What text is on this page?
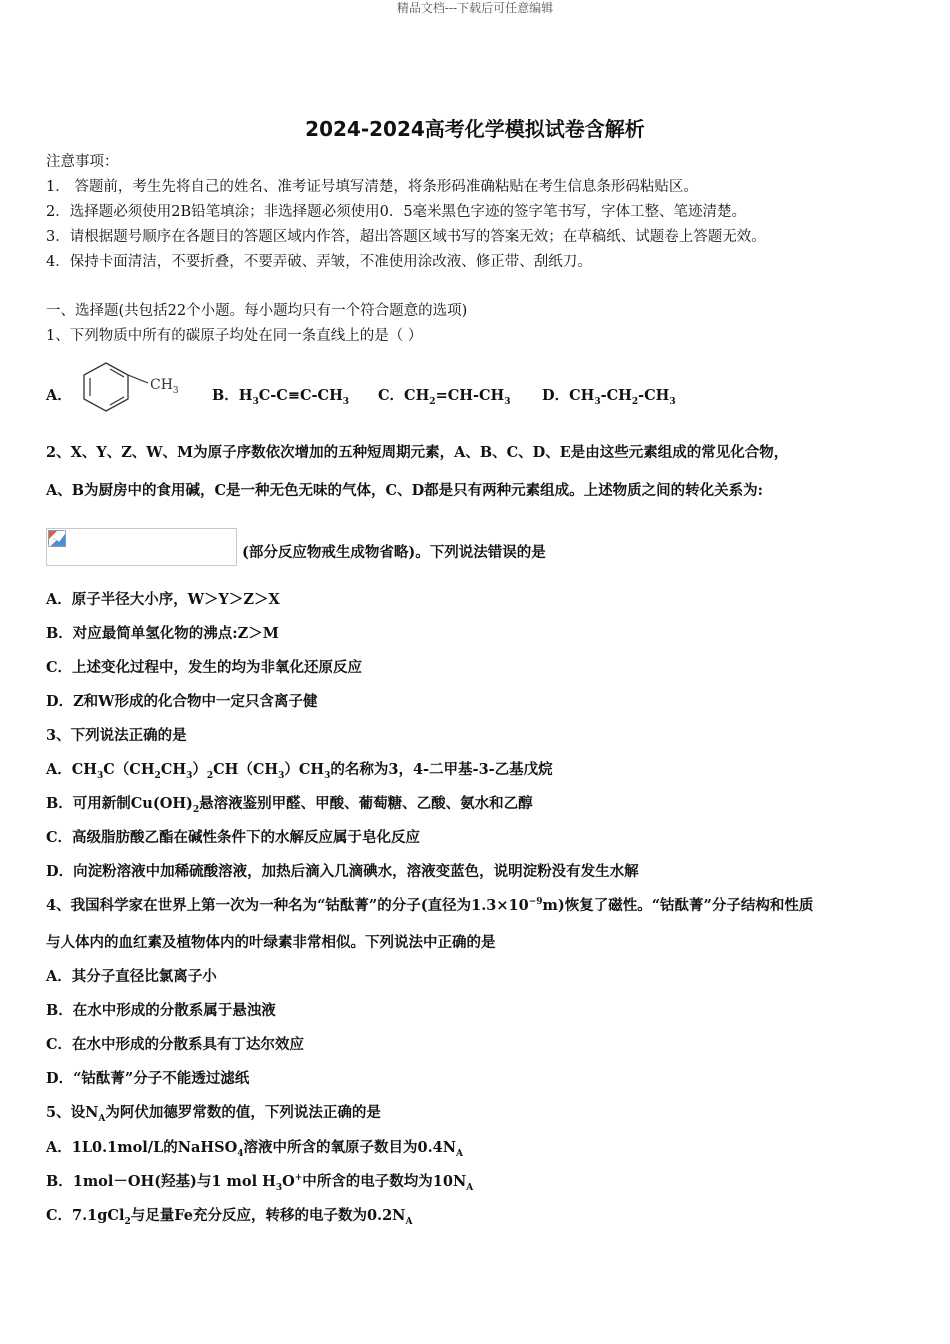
精品文档---下载后可任意编辑
2024-2024高考化学模拟试卷含解析
注意事项：
1． 答题前，考生先将自己的姓名、准考证号填写清楚，将条形码准确粘贴在考生信息条形码粘贴区。
2．选择题必须使用2B铅笔填涂；非选择题必须使用0．5毫米黑色字迹的签字笔书写，字体工整、笔迹清楚。
3．请根据题号顺序在各题目的答题区域内作答，超出答题区域书写的答案无效；在草稿纸、试题卷上答题无效。
4．保持卡面清洁，不要折叠，不要弄破、弄皱，不准使用涂改液、修正带、刮纸刀。
一、选择题(共包括22个小题。每小题均只有一个符合题意的选项)
1、下列物质中所有的碳原子均处在同一条直线上的是（ ）
A．
$CH_3$ B．$H_3C-C\equiv C-CH_3$ C．$CH_2=CH-CH_3$ D．$CH_3-CH_2-CH_3$
2、X、Y、Z、W、M为原子序数依次增加的五种短周期元素，A、B、C、D、E是由这些元素组成的常见化合物，
A、B为厨房中的食用碱，C是一种无色无味的气体，C、D都是只有两种元素组成。上述物质之间的转化关系为:
(部分反应物戒生成物省略)。下列说法错误的是
A．原子半径大小序，W＞Y＞Z＞X
B．对应最简单氢化物的沸点:Z＞M
C．上述变化过程中，发生的均为非氧化还原反应
D．Z和W形成的化合物中一定只含离子健
3、下列说法正确的是
A．$CH_3C(CH_2CH_3)_2CH(CH_3)CH_3$的名称为3，4-二甲基-3-乙基戊烷
B．可用新制$Cu(OH)_2$悬溶液鉴别甲醛、甲酸、葡萄糖、乙酸、氨水和乙醇
C．高级脂肪酸乙酯在碱性条件下的水解反应属于皂化反应
D．向淀粉溶液中加稀硫酸溶液，加热后滴入几滴碘水，溶液变蓝色，说明淀粉没有发生水解
4、我国科学家在世界上第一次为一种名为“钴酞菁”的分子(直径为$1.3\times 10^{-9}m$)恢复了磁性。“钴酞菁”分子结构和性质
与人体内的血红素及植物体内的叶绿素非常相似。下列说法中正确的是
A．其分子直径比氯离子小
B．在水中形成的分散系属于悬浊液
C．在水中形成的分散系具有丁达尔效应
D．“钴酞菁”分子不能透过滤纸
5、设$N_A$为阿伏加德罗常数的值，下列说法正确的是
A．1L0.1mol/L的NaHSO$_4$溶液中所含的氧原子数目为$0.4N_A$
B．1mol－OH(羟基)与1 mol $H_3O^+$中所含的电子数均为$10N_A$
C．7.1gCl$_2$与足量Fe充分反应，转移的电子数为$0.2N_A$
